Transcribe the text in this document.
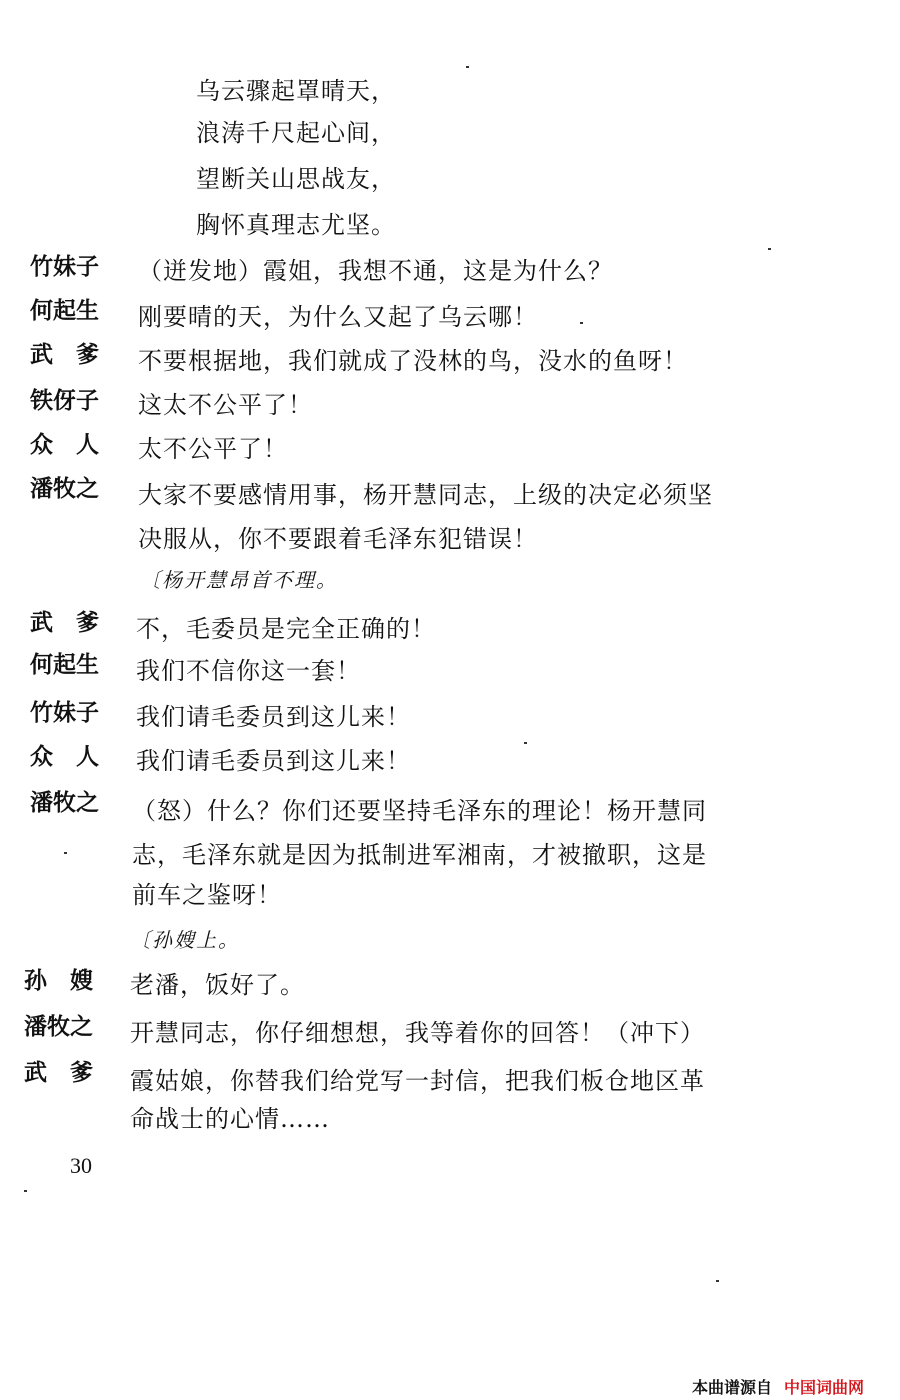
乌云骤起罩晴天，
浪涛千尺起心间，
望断关山思战友，
胸怀真理志尤坚。
竹妹子	（迸发地）霞姐，我想不通，这是为什么？
何起生	刚要晴的天，为什么又起了乌云哪！
武　爹	不要根据地，我们就成了没林的鸟，没水的鱼呀！
铁伢子	这太不公平了！
众　人	太不公平了！
潘牧之	大家不要感情用事，杨开慧同志，上级的决定必须坚
决服从，你不要跟着毛泽东犯错误！
〔杨开慧昂首不理。
武　爹	不，毛委员是完全正确的！
何起生	我们不信你这一套！
竹妹子	我们请毛委员到这儿来！
众　人	我们请毛委员到这儿来！
潘牧之	（怒）什么？你们还要坚持毛泽东的理论！杨开慧同
志，毛泽东就是因为抵制进军湘南，才被撤职，这是
前车之鉴呀！
〔孙嫂上。
孙　嫂	老潘，饭好了。
潘牧之	开慧同志，你仔细想想，我等着你的回答！（冲下）
武　爹	霞姑娘，你替我们给党写一封信，把我们板仓地区革
命战士的心情……
30
本曲谱源自 中国词曲网
